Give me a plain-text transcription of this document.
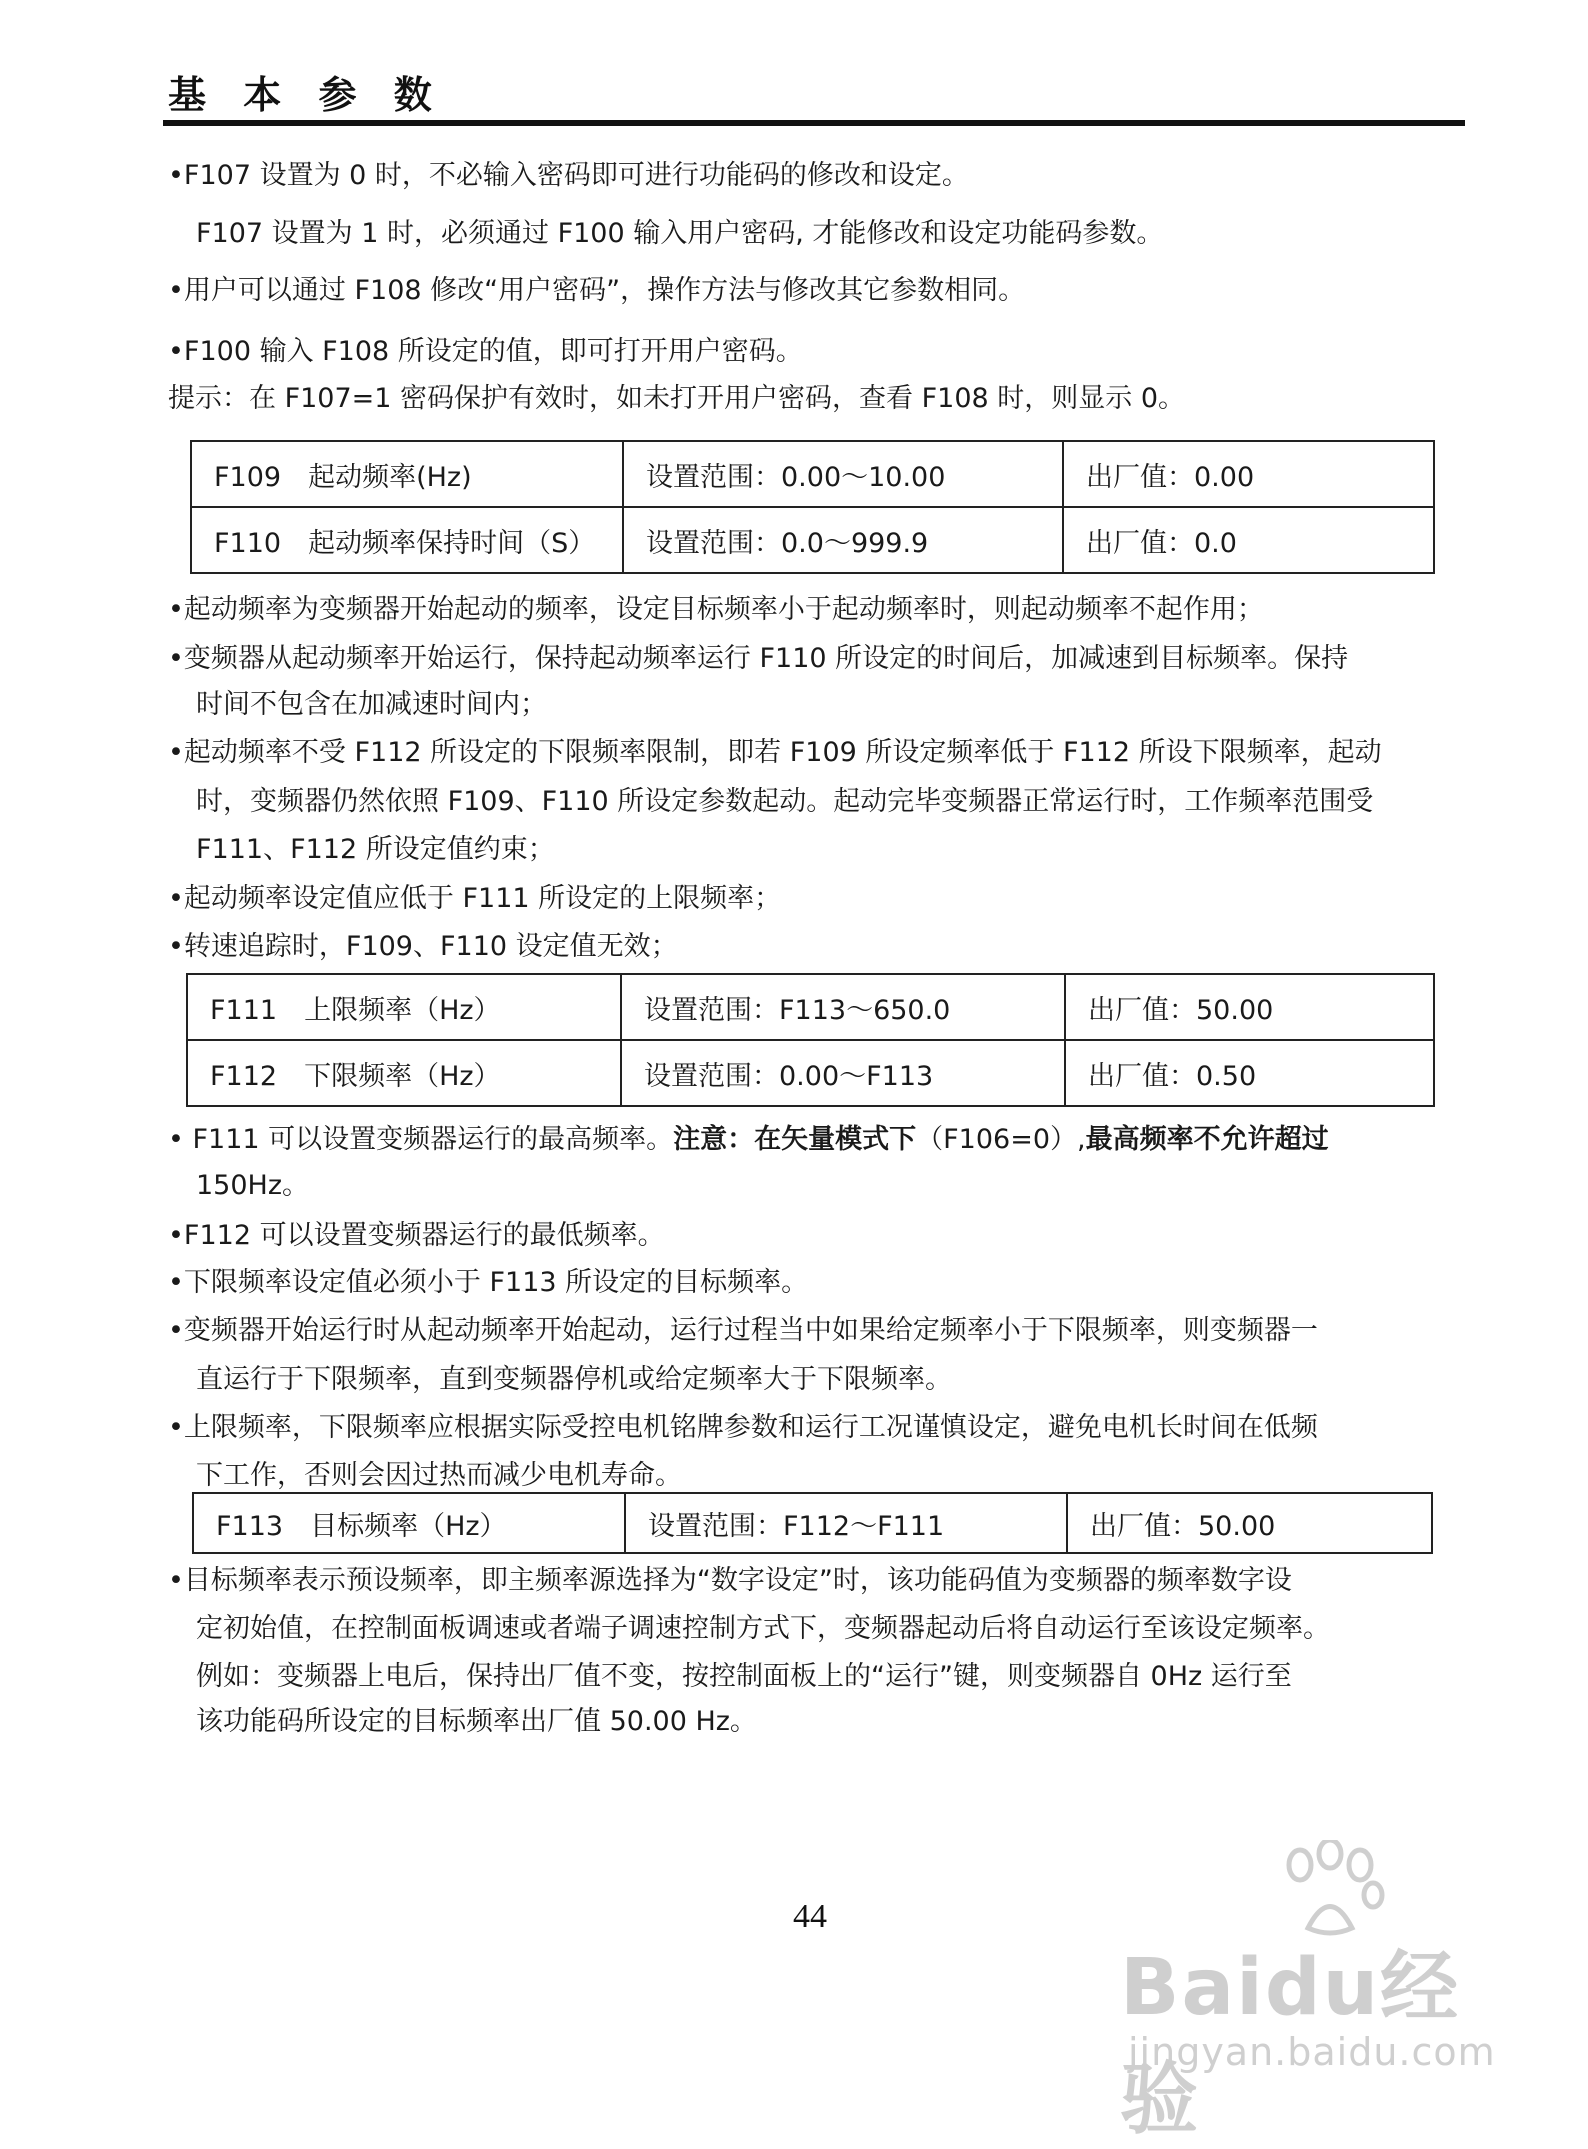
基 本 参 数
•F107 设置为 0 时，不必输入密码即可进行功能码的修改和设定。
F107 设置为 1 时，必须通过 F100 输入用户密码, 才能修改和设定功能码参数。
•用户可以通过 F108 修改“用户密码”，操作方法与修改其它参数相同。
•F100 输入 F108 所设定的值，即可打开用户密码。
提示：在 F107=1 密码保护有效时，如未打开用户密码，查看 F108 时，则显示 0。
F109　起动频率(Hz)	设置范围：0.00～10.00	出厂值：0.00
F110　起动频率保持时间（S）	设置范围：0.0～999.9	出厂值：0.0
•起动频率为变频器开始起动的频率，设定目标频率小于起动频率时，则起动频率不起作用；
•变频器从起动频率开始运行，保持起动频率运行 F110 所设定的时间后，加减速到目标频率。保持
时间不包含在加减速时间内；
•起动频率不受 F112 所设定的下限频率限制，即若 F109 所设定频率低于 F112 所设下限频率，起动
时，变频器仍然依照 F109、F110 所设定参数起动。起动完毕变频器正常运行时，工作频率范围受
F111、F112 所设定值约束；
•起动频率设定值应低于 F111 所设定的上限频率；
•转速追踪时，F109、F110 设定值无效；
F111　上限频率（Hz）	设置范围：F113～650.0	出厂值：50.00
F112　下限频率（Hz）	设置范围：0.00～F113	出厂值：0.50
• F111 可以设置变频器运行的最高频率。注意：在矢量模式下（F106=0）,最高频率不允许超过
150Hz。
•F112 可以设置变频器运行的最低频率。
•下限频率设定值必须小于 F113 所设定的目标频率。
•变频器开始运行时从起动频率开始起动，运行过程当中如果给定频率小于下限频率，则变频器一
直运行于下限频率，直到变频器停机或给定频率大于下限频率。
•上限频率，下限频率应根据实际受控电机铭牌参数和运行工况谨慎设定，避免电机长时间在低频
下工作，否则会因过热而减少电机寿命。
F113　目标频率（Hz）	设置范围：F112～F111	出厂值：50.00
•目标频率表示预设频率，即主频率源选择为“数字设定”时，该功能码值为变频器的频率数字设
定初始值，在控制面板调速或者端子调速控制方式下，变频器起动后将自动运行至该设定频率。
例如：变频器上电后，保持出厂值不变，按控制面板上的“运行”键，则变频器自 0Hz 运行至
该功能码所设定的目标频率出厂值 50.00 Hz。
44
Baidu经验
jingyan.baidu.com
